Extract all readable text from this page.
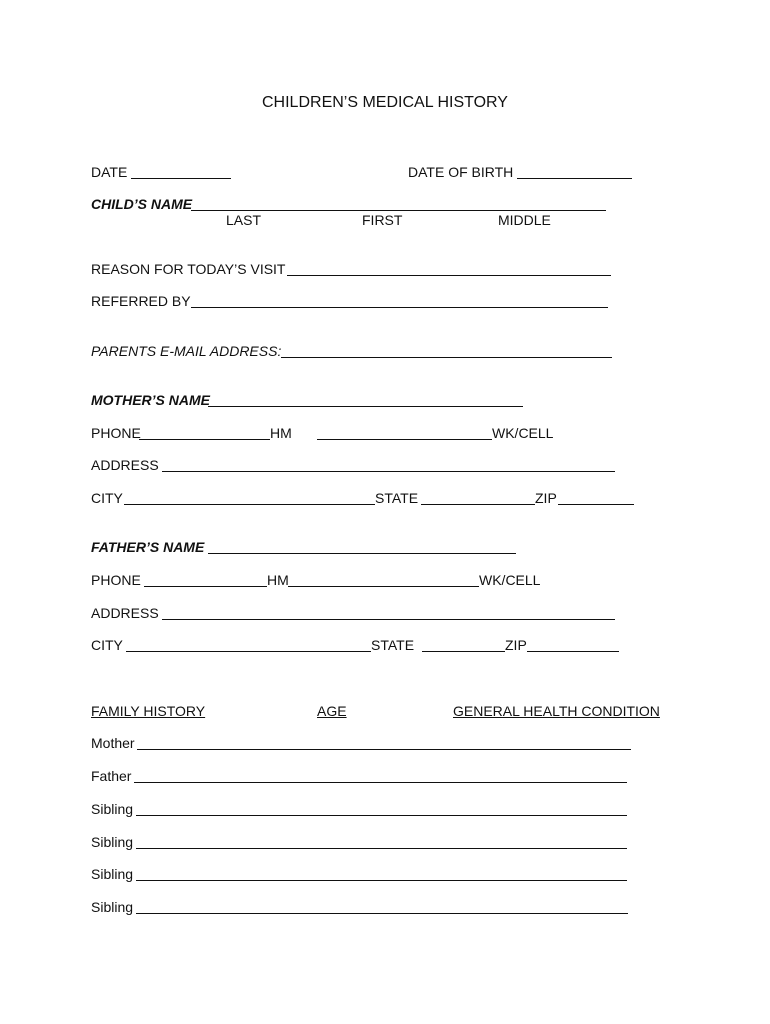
CHILDREN’S MEDICAL HISTORY
DATE	DATE OF BIRTH
CHILD’S NAME
LAST	FIRST	MIDDLE
REASON FOR TODAY’S VISIT
REFERRED BY
PARENTS E-MAIL ADDRESS:
MOTHER’S NAME
PHONE	HM	WK/CELL
ADDRESS
CITY	STATE	ZIP
FATHER’S NAME
PHONE	HM	WK/CELL
ADDRESS
CITY	STATE	ZIP
FAMILY HISTORY	AGE	GENERAL HEALTH CONDITION
Mother
Father
Sibling
Sibling
Sibling
Sibling
